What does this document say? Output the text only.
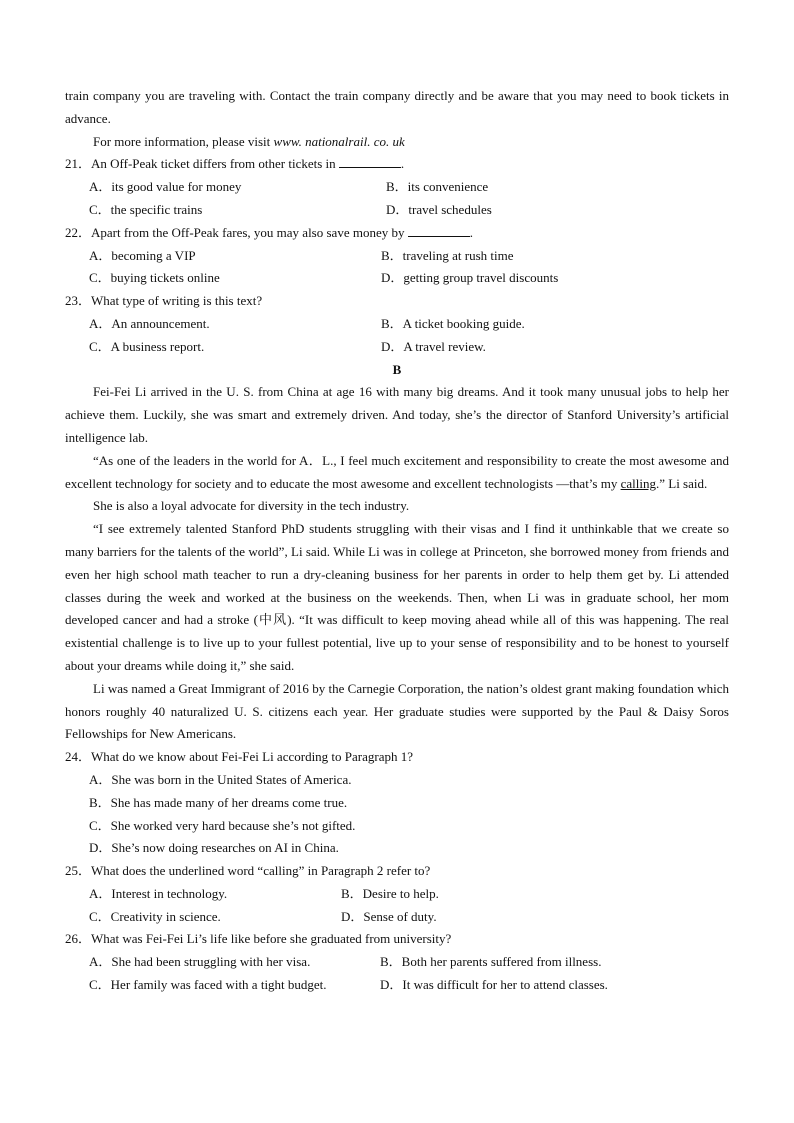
train company you are traveling with. Contact the train company directly and be aware that you may need to book tickets in advance.

For more information, please visit www. nationalrail. co. uk

21．An Off-Peak ticket differs from other tickets in	.

A．its good value for money	B．its convenience

C．the specific trains	D．travel schedules

22．Apart from the Off-Peak fares, you may also save money by	.

A．becoming a VIP	B．traveling at rush time

C．buying tickets online	D．getting group travel discounts

23．What type of writing is this text?

A．An announcement.	B．A ticket booking guide.

C．A business report.	D．A travel review.

B

Fei-Fei Li arrived in the U. S. from China at age 16 with many big dreams. And it took many unusual jobs to help her achieve them. Luckily, she was smart and extremely driven. And today, she’s the director of Stanford University’s artificial intelligence lab.

“As one of the leaders in the world for A．L., I feel much excitement and responsibility to create the most awesome and excellent technology for society and to educate the most awesome and excellent technologists —that’s my calling.” Li said.

She is also a loyal advocate for diversity in the tech industry.

“I see extremely talented Stanford PhD students struggling with their visas and I find it unthinkable that we create so many barriers for the talents of the world”, Li said. While Li was in college at Princeton, she borrowed money from friends and even her high school math teacher to run a dry-cleaning business for her parents in order to help them get by. Li attended classes during the week and worked at the business on the weekends. Then, when Li was in graduate school, her mom developed cancer and had a stroke (中风). “It was difficult to keep moving ahead while all of this was happening. The real existential challenge is to live up to your fullest potential, live up to your sense of responsibility and to be honest to yourself about your dreams while doing it,” she said.

Li was named a Great Immigrant of 2016 by the Carnegie Corporation, the nation’s oldest grant making foundation which honors roughly 40 naturalized U. S. citizens each year. Her graduate studies were supported by the Paul & Daisy Soros Fellowships for New Americans.

24．What do we know about Fei-Fei Li according to Paragraph 1?

A．She was born in the United States of America.

B．She has made many of her dreams come true.

C．She worked very hard because she’s not gifted.

D．She’s now doing researches on AI in China.

25．What does the underlined word “calling” in Paragraph 2 refer to?

A．Interest in technology.	B．Desire to help.

C．Creativity in science.	D．Sense of duty.

26．What was Fei-Fei Li’s life like before she graduated from university?

A．She had been struggling with her visa.	B．Both her parents suffered from illness.

C．Her family was faced with a tight budget.	D．It was difficult for her to attend classes.
